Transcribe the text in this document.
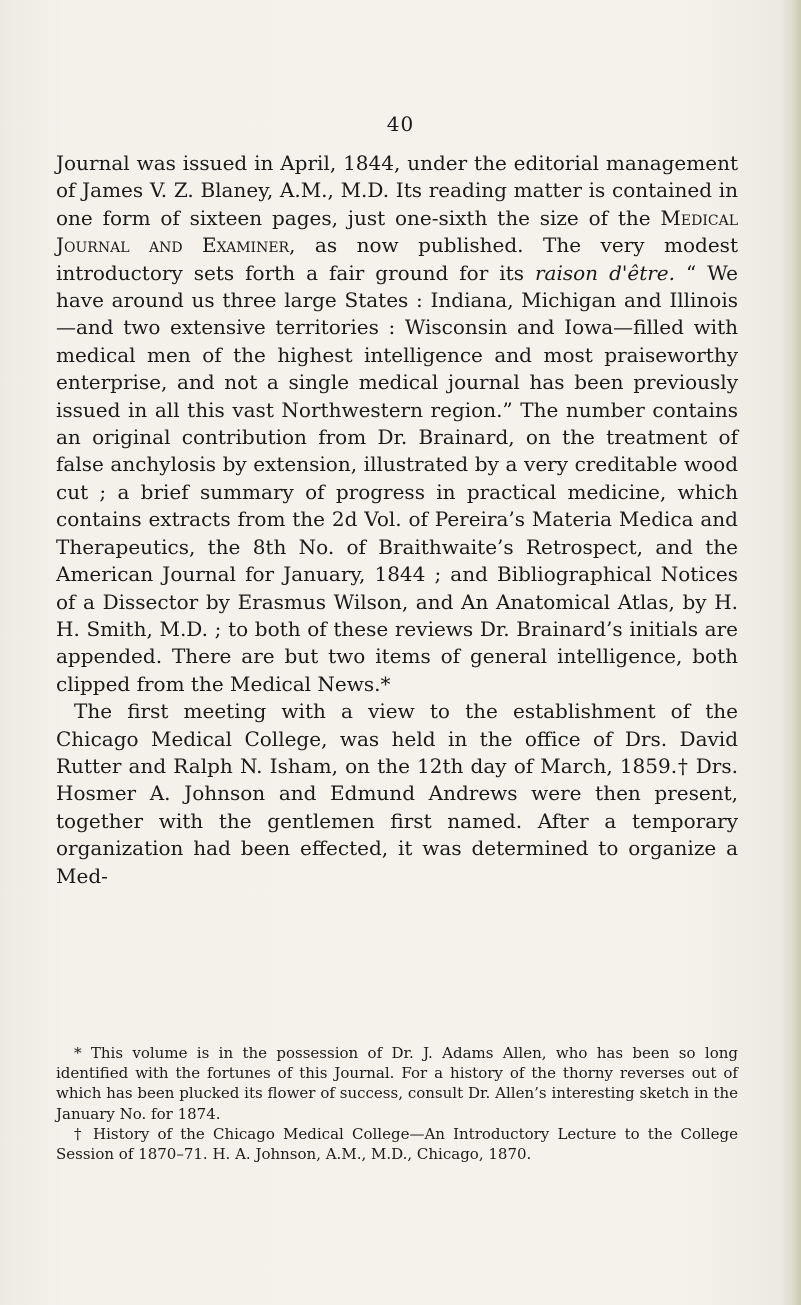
40

Journal was issued in April, 1844, under the editorial management of James V. Z. Blaney, A.M., M.D. Its reading matter is contained in one form of sixteen pages, just one-sixth the size of the Medical Journal and Examiner, as now published. The very modest introductory sets forth a fair ground for its raison d'être. “ We have around us three large States : Indiana, Michigan and Illinois—and two extensive territories : Wisconsin and Iowa—filled with medical men of the highest intelligence and most praiseworthy enterprise, and not a single medical journal has been previously issued in all this vast Northwestern region.” The number contains an original contribution from Dr. Brainard, on the treatment of false anchylosis by extension, illustrated by a very creditable wood cut ; a brief summary of progress in practical medicine, which contains extracts from the 2d Vol. of Pereira’s Materia Medica and Therapeutics, the 8th No. of Braithwaite’s Retrospect, and the American Journal for January, 1844 ; and Bibliographical Notices of a Dissector by Erasmus Wilson, and An Anatomical Atlas, by H. H. Smith, M.D. ; to both of these reviews Dr. Brainard’s initials are appended. There are but two items of general intelligence, both clipped from the Medical News.*

The first meeting with a view to the establishment of the Chicago Medical College, was held in the office of Drs. David Rutter and Ralph N. Isham, on the 12th day of March, 1859.† Drs. Hosmer A. Johnson and Edmund Andrews were then present, together with the gentlemen first named. After a temporary organization had been effected, it was determined to organize a Med-

* This volume is in the possession of Dr. J. Adams Allen, who has been so long identified with the fortunes of this Journal. For a history of the thorny reverses out of which has been plucked its flower of success, consult Dr. Allen’s interesting sketch in the January No. for 1874.

† History of the Chicago Medical College—An Introductory Lecture to the College Session of 1870–71. H. A. Johnson, A.M., M.D., Chicago, 1870.
